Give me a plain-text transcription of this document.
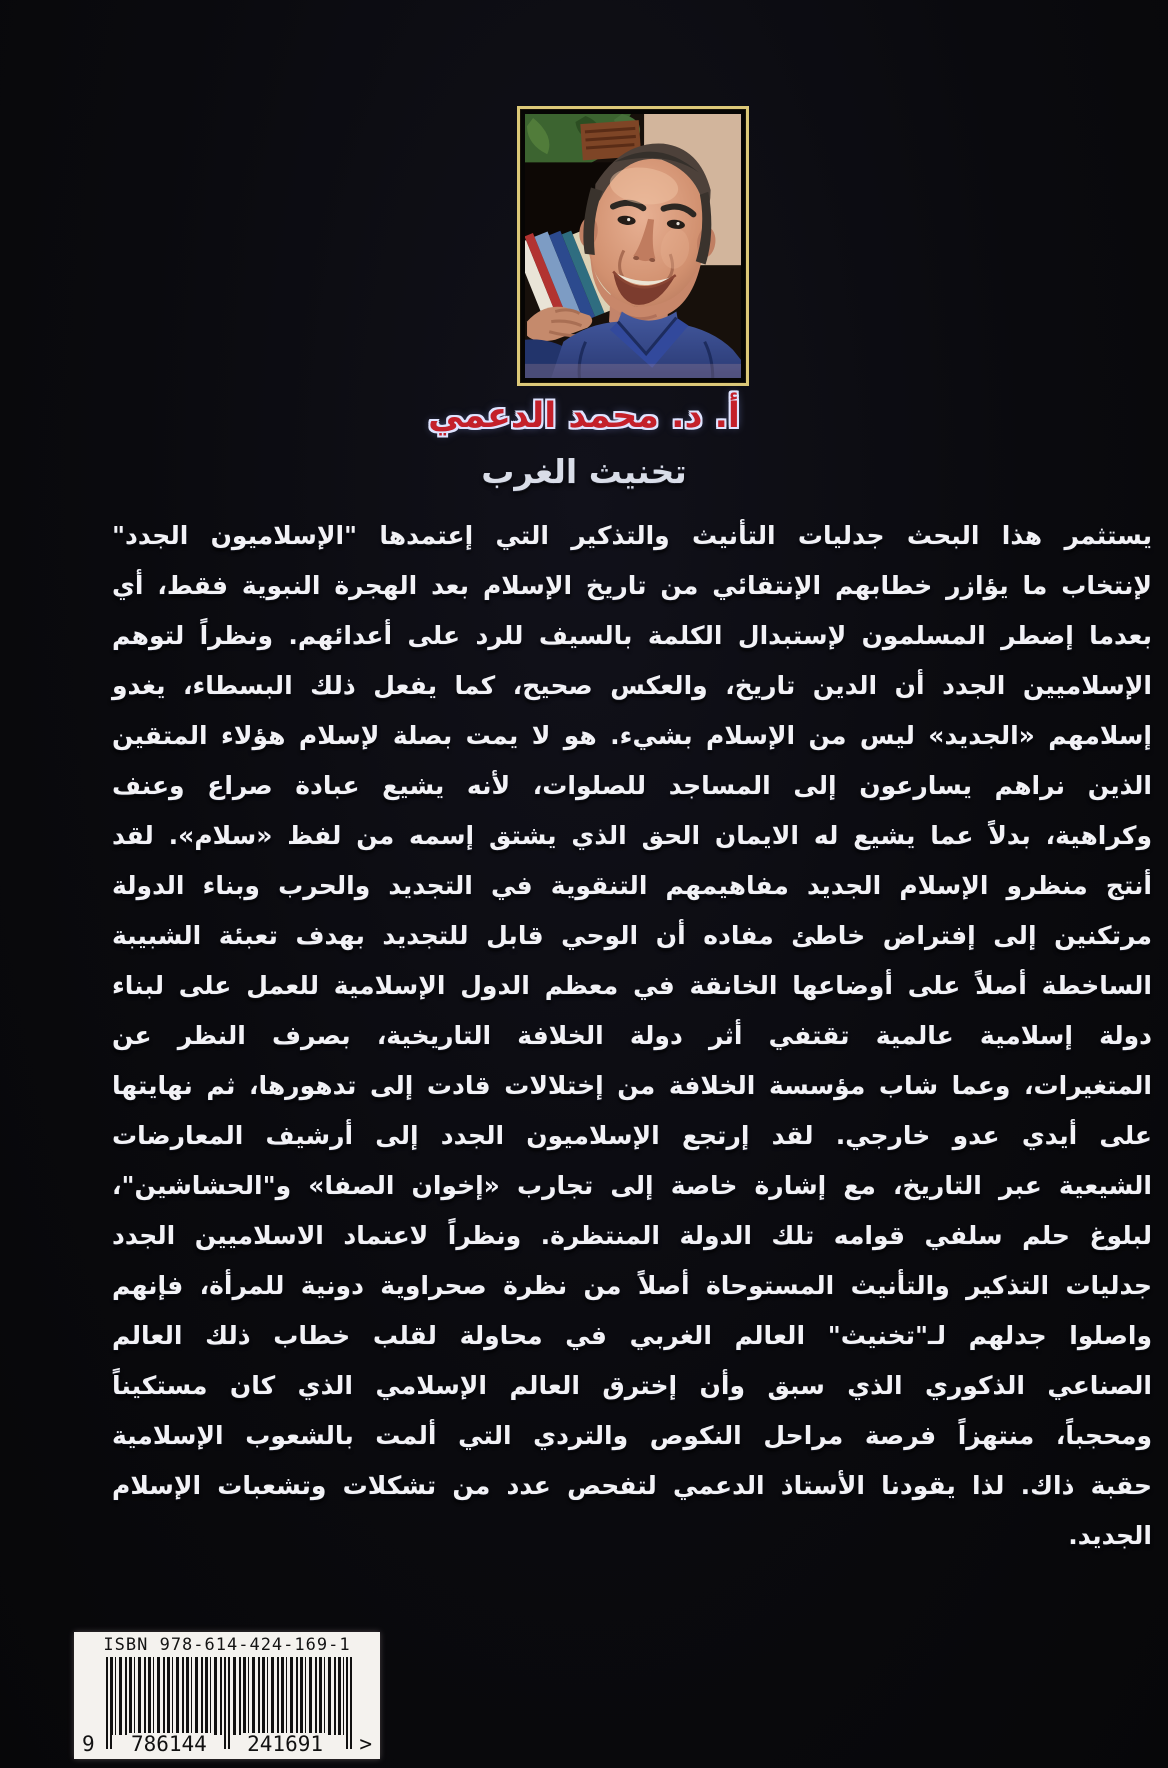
أ. د. محمد الدعمي
تخنيث الغرب
يستثمر هذا البحث جدليات التأنيث والتذكير التي إعتمدها "الإسلاميون الجدد"
لإنتخاب ما يؤازر خطابهم الإنتقائي من تاريخ الإسلام بعد الهجرة النبوية فقط، أي
بعدما إضطر المسلمون لإستبدال الكلمة بالسيف للرد على أعدائهم. ونظراً لتوهم
الإسلاميين الجدد أن الدين تاريخ، والعكس صحيح، كما يفعل ذلك البسطاء، يغدو
إسلامهم «الجديد» ليس من الإسلام بشيء. هو لا يمت بصلة لإسلام هؤلاء المتقين
الذين نراهم يسارعون إلى المساجد للصلوات، لأنه يشيع عبادة صراع وعنف
وكراهية، بدلاً عما يشيع له الايمان الحق الذي يشتق إسمه من لفظ «سلام». لقد
أنتج منظرو الإسلام الجديد مفاهيمهم التنقوية في التجديد والحرب وبناء الدولة
مرتكنين إلى إفتراض خاطئ مفاده أن الوحي قابل للتجديد بهدف تعبئة الشبيبة
الساخطة أصلاً على أوضاعها الخانقة في معظم الدول الإسلامية للعمل على لبناء
دولة إسلامية عالمية تقتفي أثر دولة الخلافة التاريخية، بصرف النظر عن
المتغيرات، وعما شاب مؤسسة الخلافة من إختلالات قادت إلى تدهورها، ثم نهايتها
على أيدي عدو خارجي. لقد إرتجع الإسلاميون الجدد إلى أرشيف المعارضات
الشيعية عبر التاريخ، مع إشارة خاصة إلى تجارب «إخوان الصفا» و"الحشاشين"،
لبلوغ حلم سلفي قوامه تلك الدولة المنتظرة. ونظراً لاعتماد الاسلاميين الجدد
جدليات التذكير والتأنيث المستوحاة أصلاً من نظرة صحراوية دونية للمرأة، فإنهم
واصلوا جدلهم لـ"تخنيث" العالم الغربي في محاولة لقلب خطاب ذلك العالم
الصناعي الذكوري الذي سبق وأن إخترق العالم الإسلامي الذي كان مستكيناً
ومحجباً، منتهزاً فرصة مراحل النكوص والتردي التي ألمت بالشعوب الإسلامية
حقبة ذاك. لذا يقودنا الأستاذ الدعمي لتفحص عدد من تشكلات وتشعبات الإسلام
الجديد.
ISBN 978-614-424-169-1
9 786144 241691 >
